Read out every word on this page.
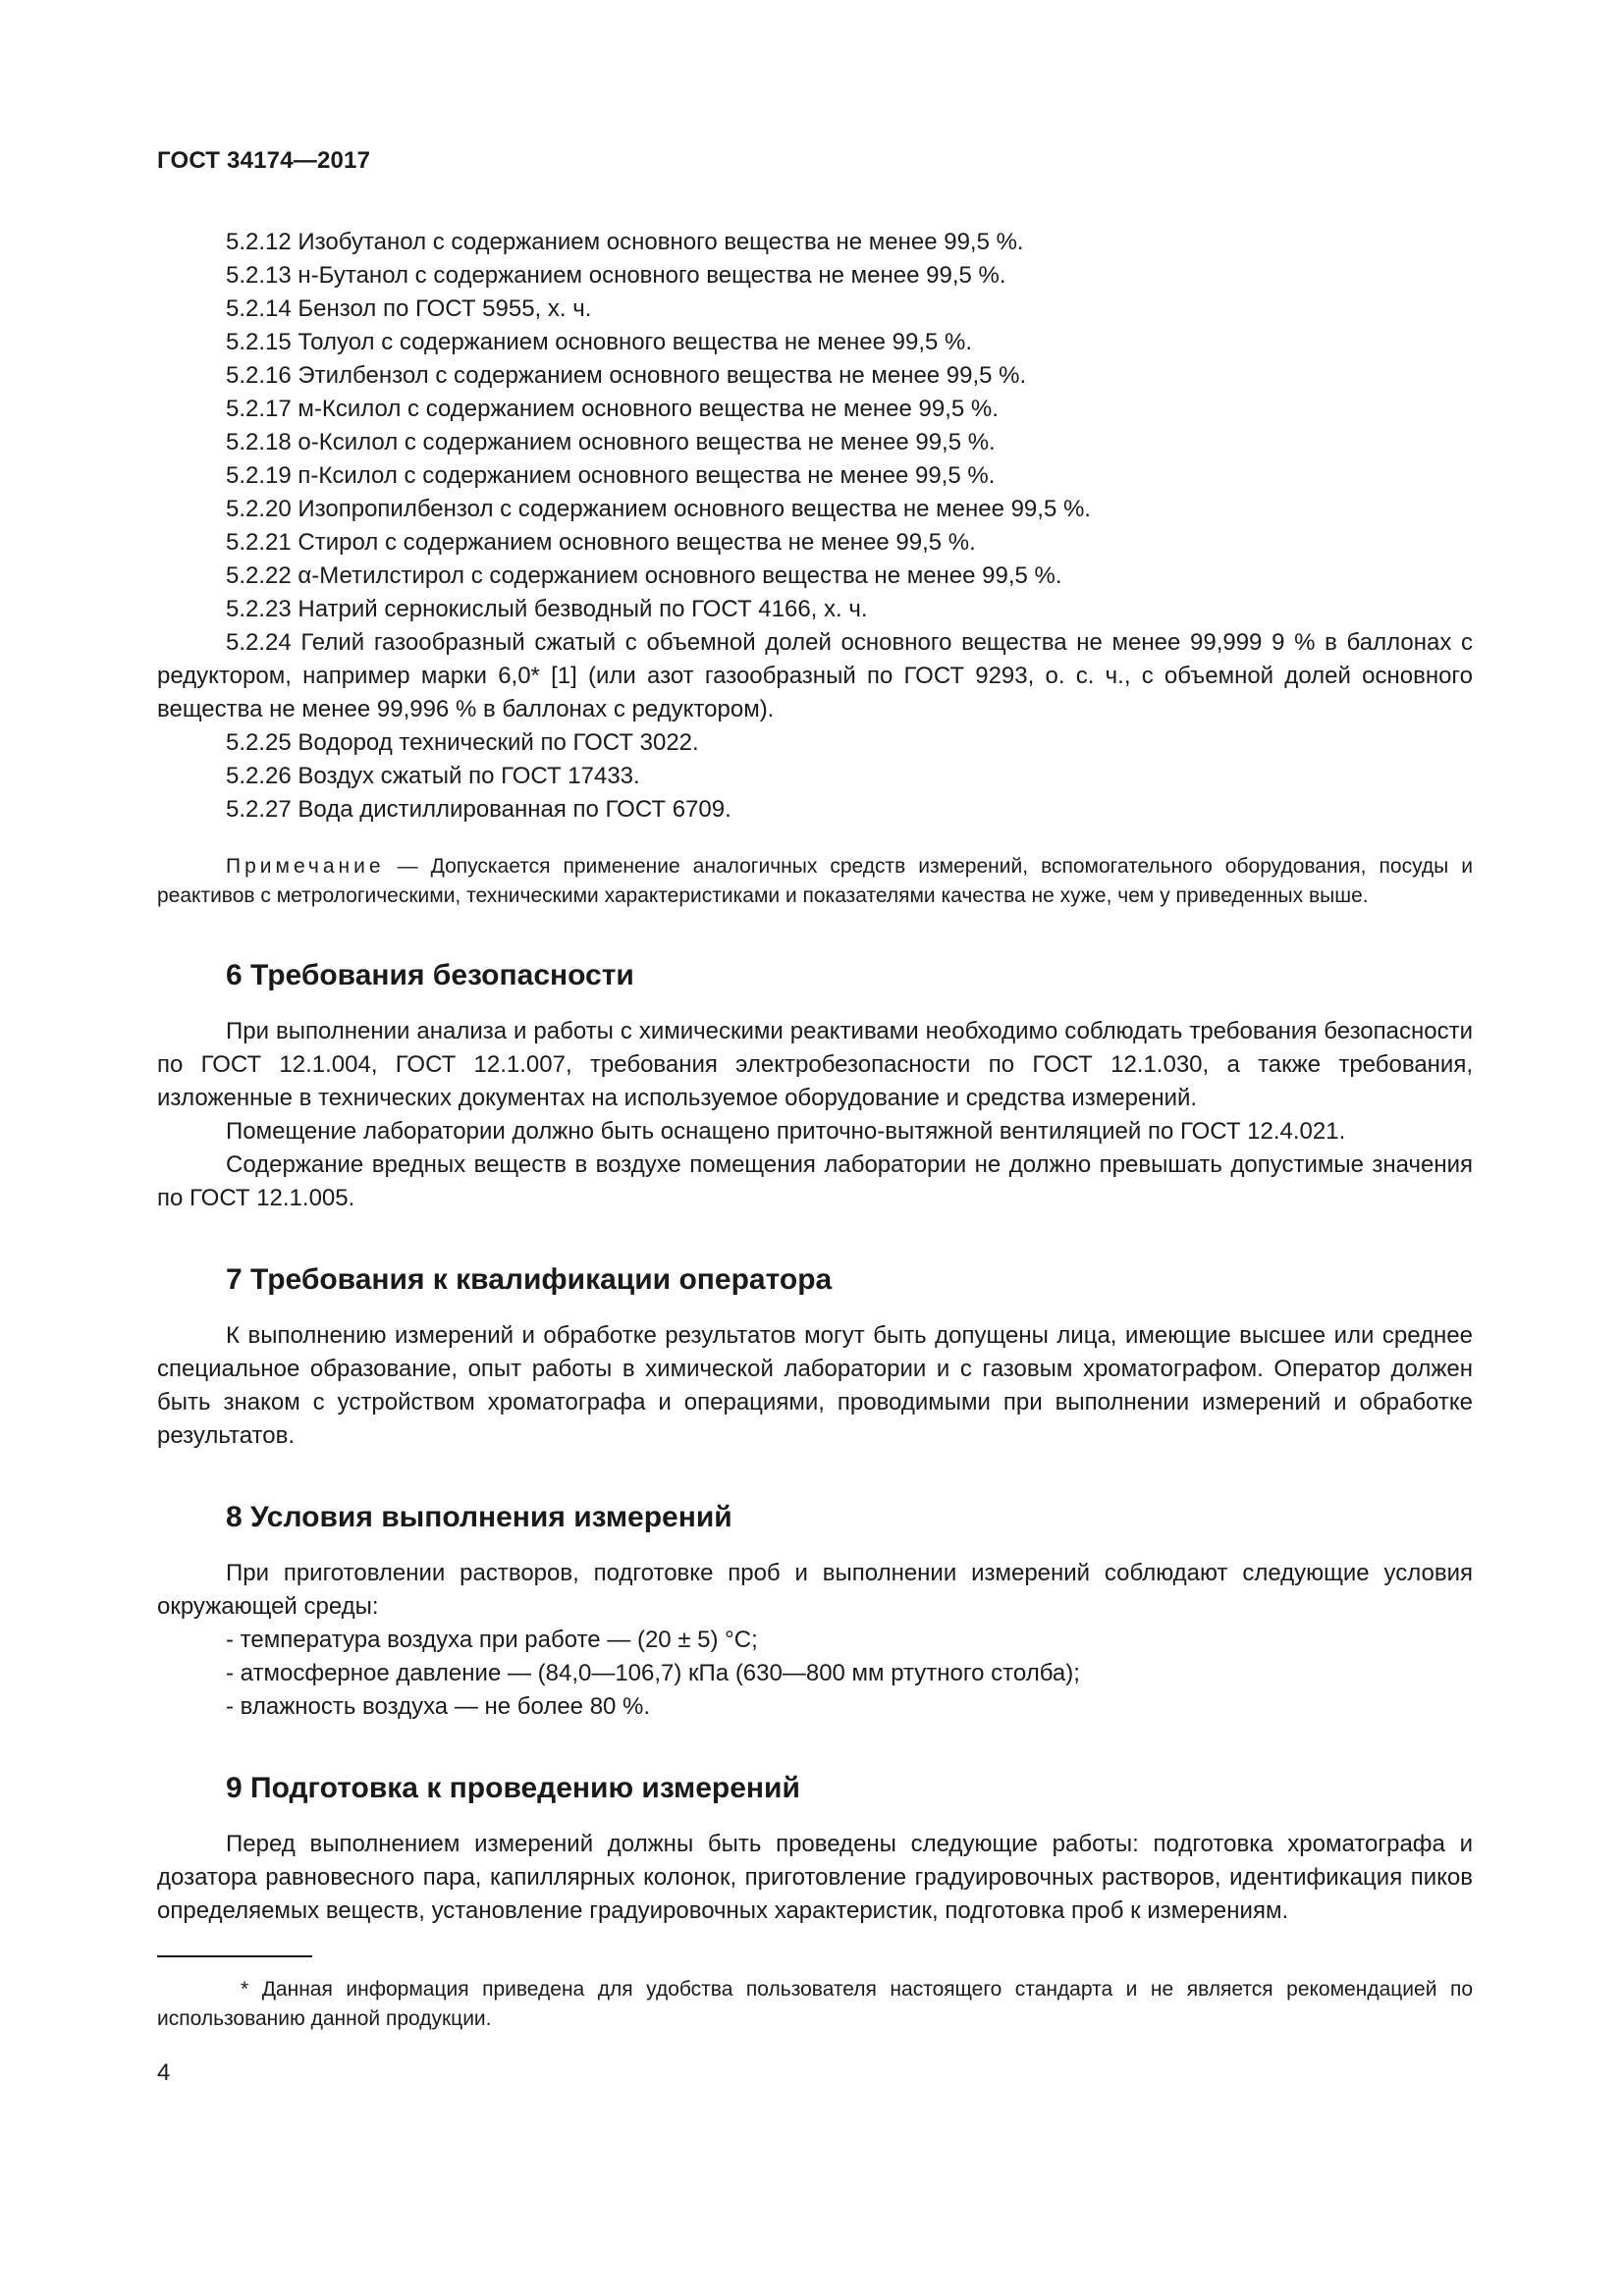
ГОСТ 34174—2017

5.2.12 Изобутанол с содержанием основного вещества не менее 99,5 %.

5.2.13 н-Бутанол с содержанием основного вещества не менее 99,5 %.

5.2.14 Бензол по ГОСТ 5955, х. ч.

5.2.15 Толуол с содержанием основного вещества не менее 99,5 %.

5.2.16 Этилбензол с содержанием основного вещества не менее 99,5 %.

5.2.17 м-Ксилол с содержанием основного вещества не менее 99,5 %.

5.2.18 о-Ксилол с содержанием основного вещества не менее 99,5 %.

5.2.19 п-Ксилол с содержанием основного вещества не менее 99,5 %.

5.2.20 Изопропилбензол с содержанием основного вещества не менее 99,5 %.

5.2.21 Стирол с содержанием основного вещества не менее 99,5 %.

5.2.22 α-Метилстирол с содержанием основного вещества не менее 99,5 %.

5.2.23 Натрий сернокислый безводный по ГОСТ 4166, х. ч.

5.2.24 Гелий газообразный сжатый с объемной долей основного вещества не менее 99,999 9 % в баллонах с редуктором, например марки 6,0* [1] (или азот газообразный по ГОСТ 9293, о. с. ч., с объемной долей основного вещества не менее 99,996 % в баллонах с редуктором).

5.2.25 Водород технический по ГОСТ 3022.

5.2.26 Воздух сжатый по ГОСТ 17433.

5.2.27 Вода дистиллированная по ГОСТ 6709.

Примечание — Допускается применение аналогичных средств измерений, вспомогательного оборудования, посуды и реактивов с метрологическими, техническими характеристиками и показателями качества не хуже, чем у приведенных выше.

6 Требования безопасности

При выполнении анализа и работы с химическими реактивами необходимо соблюдать требования безопасности по ГОСТ 12.1.004, ГОСТ 12.1.007, требования электробезопасности по ГОСТ 12.1.030, а также требования, изложенные в технических документах на используемое оборудование и средства измерений.

Помещение лаборатории должно быть оснащено приточно-вытяжной вентиляцией по ГОСТ 12.4.021.

Содержание вредных веществ в воздухе помещения лаборатории не должно превышать допустимые значения по ГОСТ 12.1.005.

7 Требования к квалификации оператора

К выполнению измерений и обработке результатов могут быть допущены лица, имеющие высшее или среднее специальное образование, опыт работы в химической лаборатории и с газовым хроматографом. Оператор должен быть знаком с устройством хроматографа и операциями, проводимыми при выполнении измерений и обработке результатов.

8 Условия выполнения измерений

При приготовлении растворов, подготовке проб и выполнении измерений соблюдают следующие условия окружающей среды:

- температура воздуха при работе — (20 ± 5) °С;

- атмосферное давление — (84,0—106,7) кПа (630—800 мм ртутного столба);

- влажность воздуха — не более 80 %.

9 Подготовка к проведению измерений

Перед выполнением измерений должны быть проведены следующие работы: подготовка хроматографа и дозатора равновесного пара, капиллярных колонок, приготовление градуировочных растворов, идентификация пиков определяемых веществ, установление градуировочных характеристик, подготовка проб к измерениям.

* Данная информация приведена для удобства пользователя настоящего стандарта и не является рекомендацией по использованию данной продукции.

4
